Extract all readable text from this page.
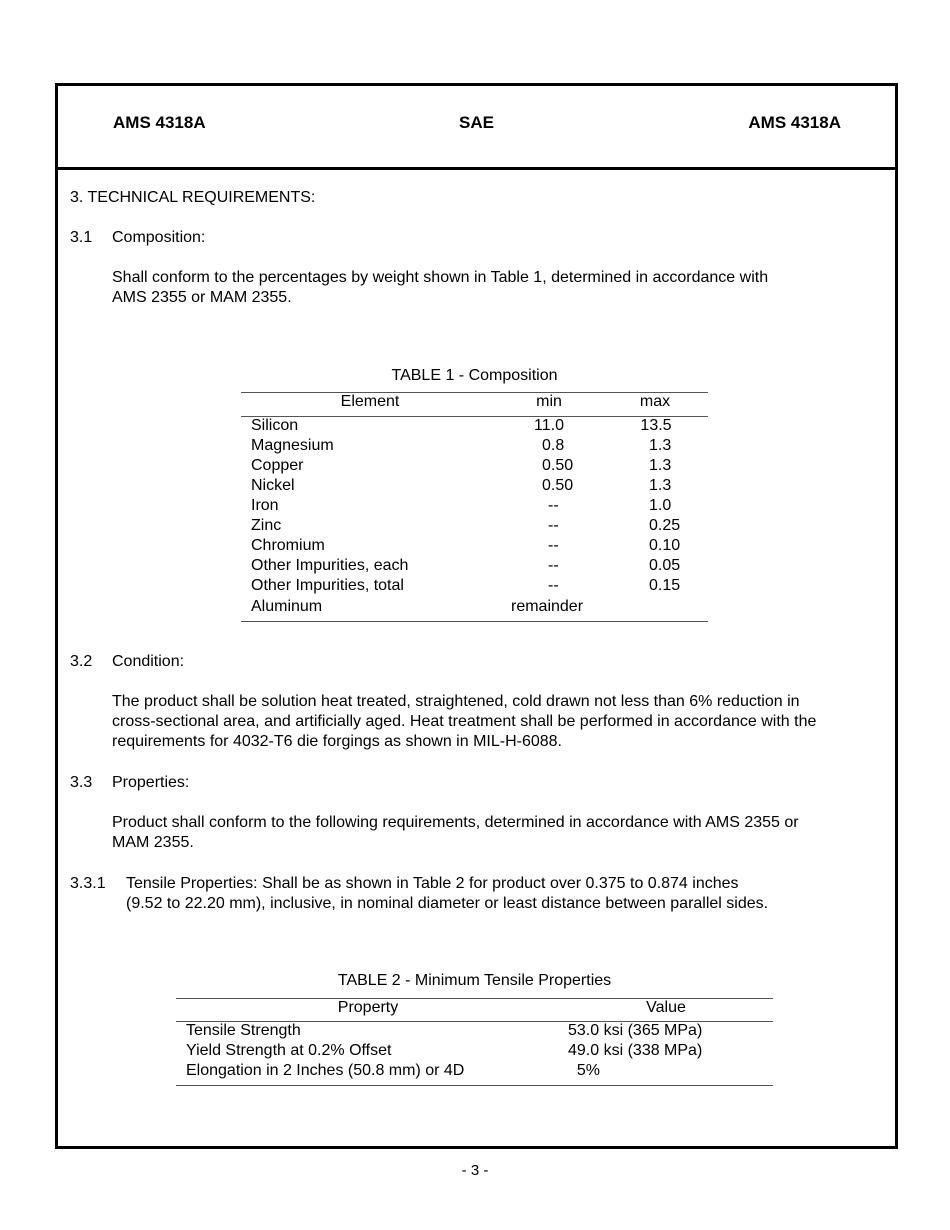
AMS 4318A	SAE	AMS 4318A
3. TECHNICAL REQUIREMENTS:
3.1 Composition:
Shall conform to the percentages by weight shown in Table 1, determined in accordance with
AMS 2355 or MAM 2355.
TABLE 1 - Composition
Element	min	max
Silicon	11.0	13.5
Magnesium	0.8	1.3
Copper	0.50	1.3
Nickel	0.50	1.3
Iron	--	1.0
Zinc	--	0.25
Chromium	--	0.10
Other Impurities, each	--	0.05
Other Impurities, total	--	0.15
Aluminum	remainder
3.2 Condition:
The product shall be solution heat treated, straightened, cold drawn not less than 6% reduction in
cross-sectional area, and artificially aged. Heat treatment shall be performed in accordance with the
requirements for 4032-T6 die forgings as shown in MIL-H-6088.
3.3 Properties:
Product shall conform to the following requirements, determined in accordance with AMS 2355 or
MAM 2355.
3.3.1 Tensile Properties: Shall be as shown in Table 2 for product over 0.375 to 0.874 inches
(9.52 to 22.20 mm), inclusive, in nominal diameter or least distance between parallel sides.
TABLE 2 - Minimum Tensile Properties
Property	Value
Tensile Strength	53.0 ksi (365 MPa)
Yield Strength at 0.2% Offset	49.0 ksi (338 MPa)
Elongation in 2 Inches (50.8 mm) or 4D	5%
- 3 -
